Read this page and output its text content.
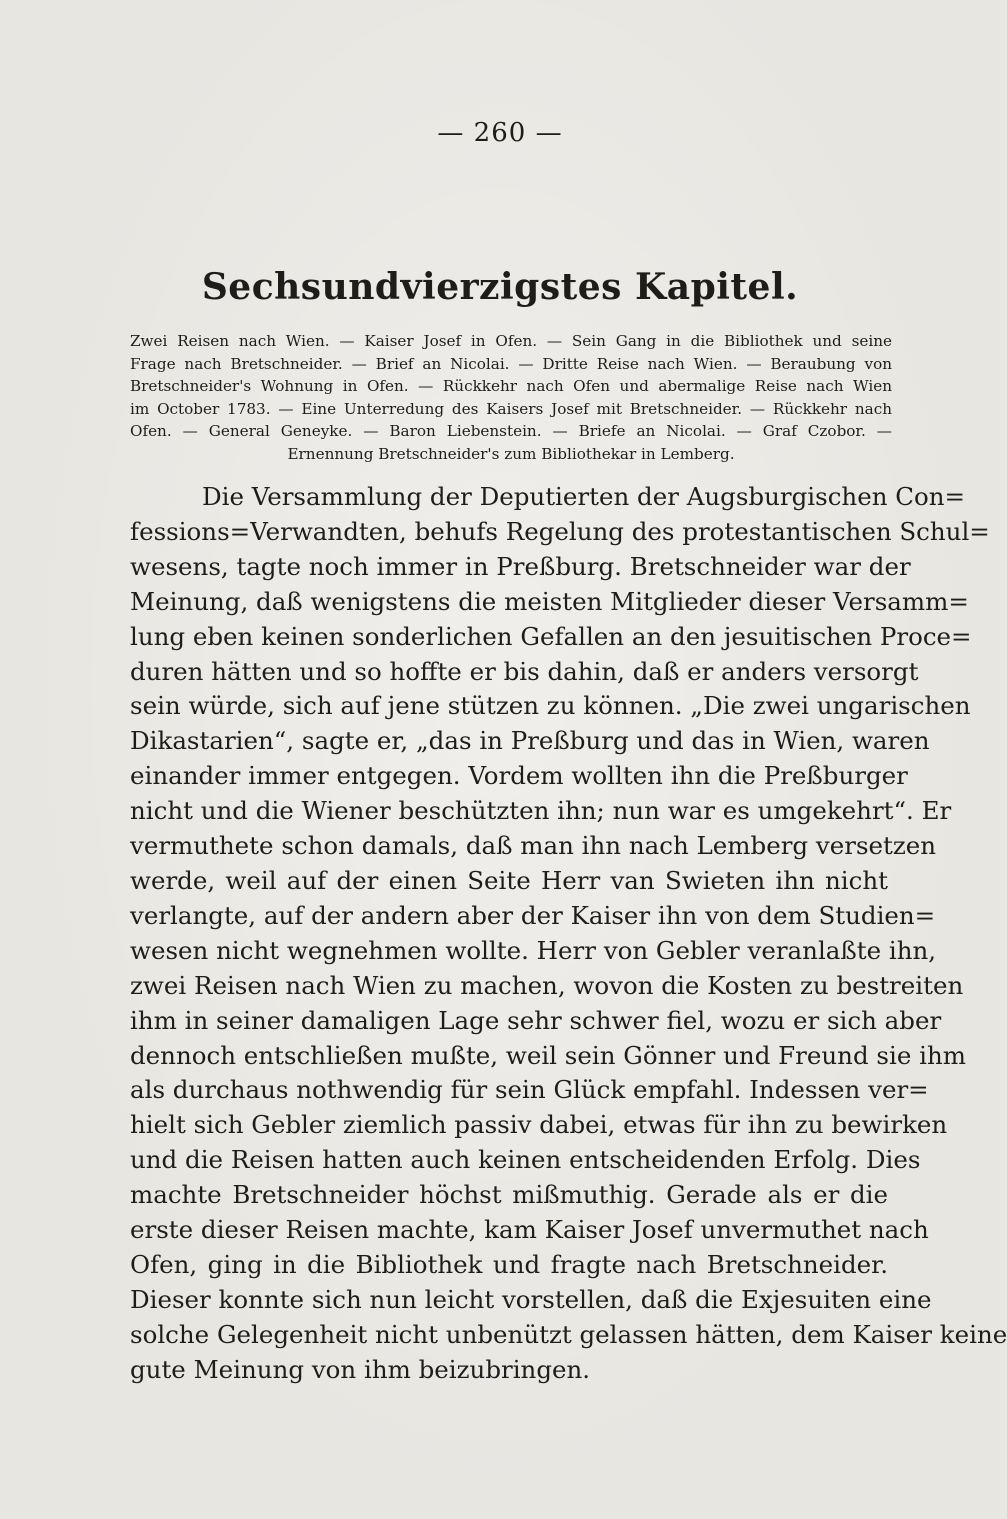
— 260 —
Sechsundvierzigstes Kapitel.
Zwei Reisen nach Wien. — Kaiser Josef in Ofen. — Sein Gang in die Bibliothek und seine
Frage nach Bretschneider. — Brief an Nicolai. — Dritte Reise nach Wien. — Beraubung von
Bretschneider's Wohnung in Ofen. — Rückkehr nach Ofen und abermalige Reise nach Wien
im October 1783. — Eine Unterredung des Kaisers Josef mit Bretschneider. — Rückkehr nach
Ofen. — General Geneyke. — Baron Liebenstein. — Briefe an Nicolai. — Graf Czobor. —
Ernennung Bretschneider's zum Bibliothekar in Lemberg.
Die Versammlung der Deputierten der Augsburgischen Con=
fessions=Verwandten, behufs Regelung des protestantischen Schul=
wesens, tagte noch immer in Preßburg. Bretschneider war der
Meinung, daß wenigstens die meisten Mitglieder dieser Versamm=
lung eben keinen sonderlichen Gefallen an den jesuitischen Proce=
duren hätten und so hoffte er bis dahin, daß er anders versorgt
sein würde, sich auf jene stützen zu können. „Die zwei ungarischen
Dikastarien“, sagte er, „das in Preßburg und das in Wien, waren
einander immer entgegen. Vordem wollten ihn die Preßburger
nicht und die Wiener beschützten ihn; nun war es umgekehrt“. Er
vermuthete schon damals, daß man ihn nach Lemberg versetzen
werde, weil auf der einen Seite Herr van Swieten ihn nicht
verlangte, auf der andern aber der Kaiser ihn von dem Studien=
wesen nicht wegnehmen wollte. Herr von Gebler veranlaßte ihn,
zwei Reisen nach Wien zu machen, wovon die Kosten zu bestreiten
ihm in seiner damaligen Lage sehr schwer fiel, wozu er sich aber
dennoch entschließen mußte, weil sein Gönner und Freund sie ihm
als durchaus nothwendig für sein Glück empfahl. Indessen ver=
hielt sich Gebler ziemlich passiv dabei, etwas für ihn zu bewirken
und die Reisen hatten auch keinen entscheidenden Erfolg. Dies
machte Bretschneider höchst mißmuthig. Gerade als er die
erste dieser Reisen machte, kam Kaiser Josef unvermuthet nach
Ofen, ging in die Bibliothek und fragte nach Bretschneider.
Dieser konnte sich nun leicht vorstellen, daß die Exjesuiten eine
solche Gelegenheit nicht unbenützt gelassen hätten, dem Kaiser keine
gute Meinung von ihm beizubringen.
